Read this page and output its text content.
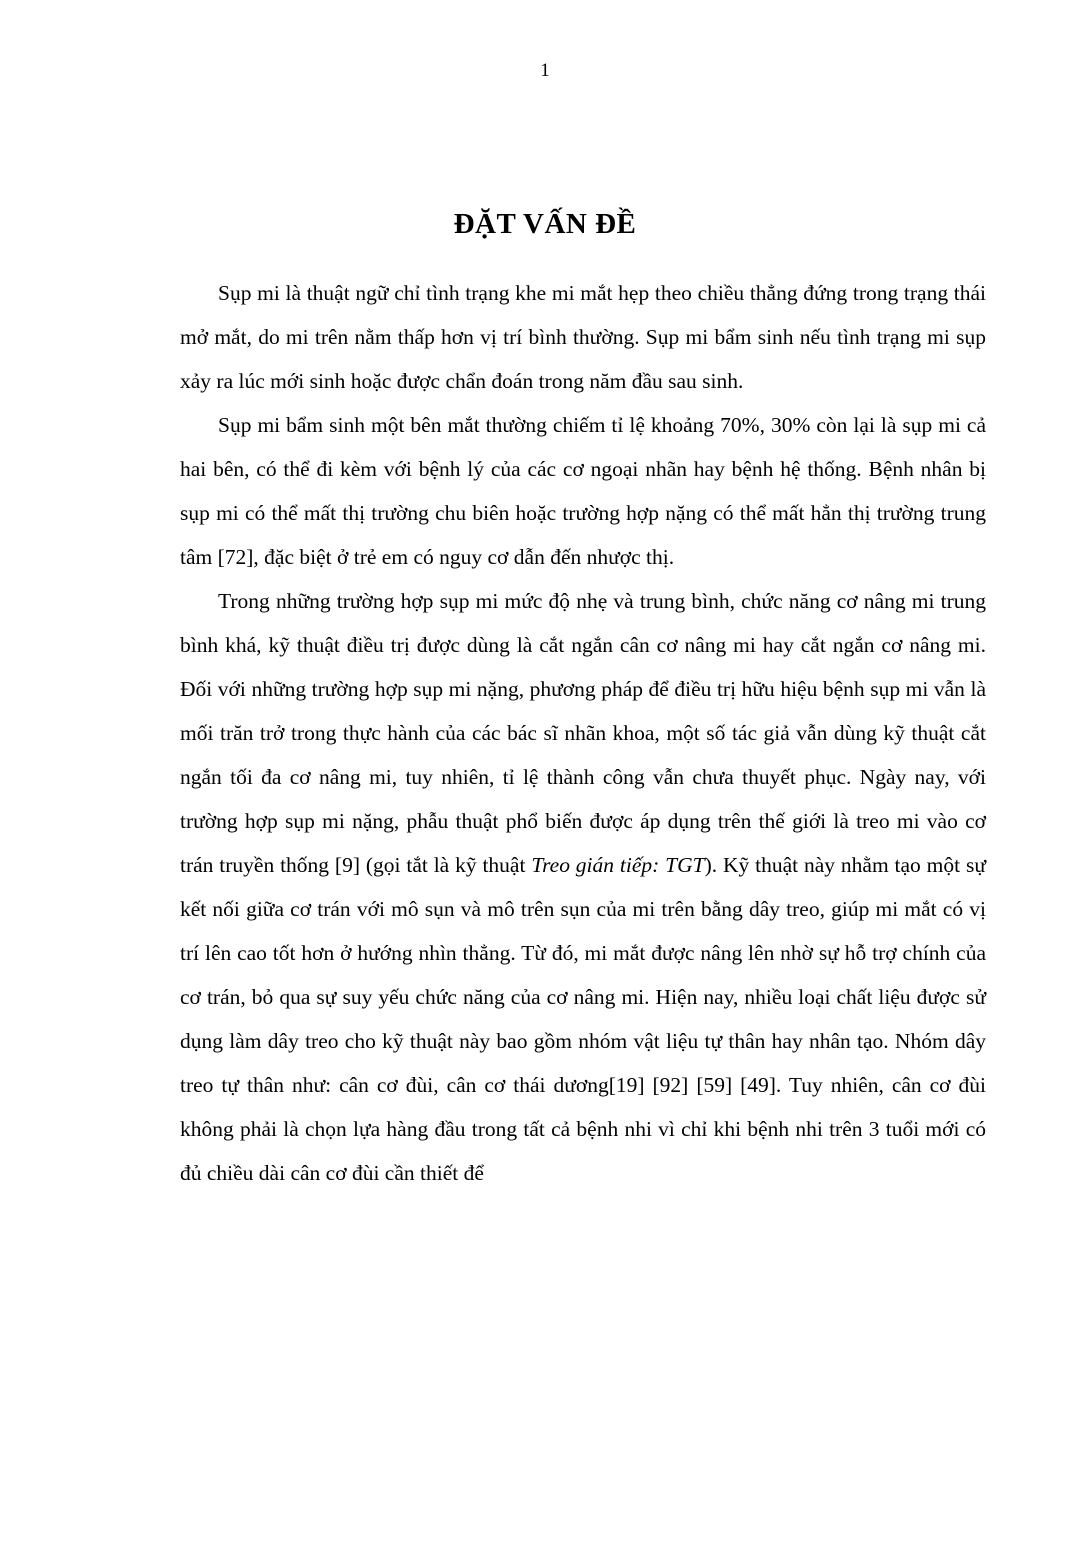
1
ĐẶT VẤN ĐỀ

Sụp mi là thuật ngữ chỉ tình trạng khe mi mắt hẹp theo chiều thẳng đứng trong trạng thái mở mắt, do mi trên nằm thấp hơn vị trí bình thường. Sụp mi bẩm sinh nếu tình trạng mi sụp xảy ra lúc mới sinh hoặc được chẩn đoán trong năm đầu sau sinh.

Sụp mi bẩm sinh một bên mắt thường chiếm tỉ lệ khoảng 70%, 30% còn lại là sụp mi cả hai bên, có thể đi kèm với bệnh lý của các cơ ngoại nhãn hay bệnh hệ thống. Bệnh nhân bị sụp mi có thể mất thị trường chu biên hoặc trường hợp nặng có thể mất hẳn thị trường trung tâm [72], đặc biệt ở trẻ em có nguy cơ dẫn đến nhược thị.

Trong những trường hợp sụp mi mức độ nhẹ và trung bình, chức năng cơ nâng mi trung bình khá, kỹ thuật điều trị được dùng là cắt ngắn cân cơ nâng mi hay cắt ngắn cơ nâng mi. Đối với những trường hợp sụp mi nặng, phương pháp để điều trị hữu hiệu bệnh sụp mi vẫn là mối trăn trở trong thực hành của các bác sĩ nhãn khoa, một số tác giả vẫn dùng kỹ thuật cắt ngắn tối đa cơ nâng mi, tuy nhiên, tỉ lệ thành công vẫn chưa thuyết phục. Ngày nay, với trường hợp sụp mi nặng, phẫu thuật phổ biến được áp dụng trên thế giới là treo mi vào cơ trán truyền thống [9] (gọi tắt là kỹ thuật Treo gián tiếp: TGT). Kỹ thuật này nhằm tạo một sự kết nối giữa cơ trán với mô sụn và mô trên sụn của mi trên bằng dây treo, giúp mi mắt có vị trí lên cao tốt hơn ở hướng nhìn thẳng. Từ đó, mi mắt được nâng lên nhờ sự hỗ trợ chính của cơ trán, bỏ qua sự suy yếu chức năng của cơ nâng mi. Hiện nay, nhiều loại chất liệu được sử dụng làm dây treo cho kỹ thuật này bao gồm nhóm vật liệu tự thân hay nhân tạo. Nhóm dây treo tự thân như: cân cơ đùi, cân cơ thái dương[19] [92] [59] [49]. Tuy nhiên, cân cơ đùi không phải là chọn lựa hàng đầu trong tất cả bệnh nhi vì chỉ khi bệnh nhi trên 3 tuổi mới có đủ chiều dài cân cơ đùi cần thiết để
